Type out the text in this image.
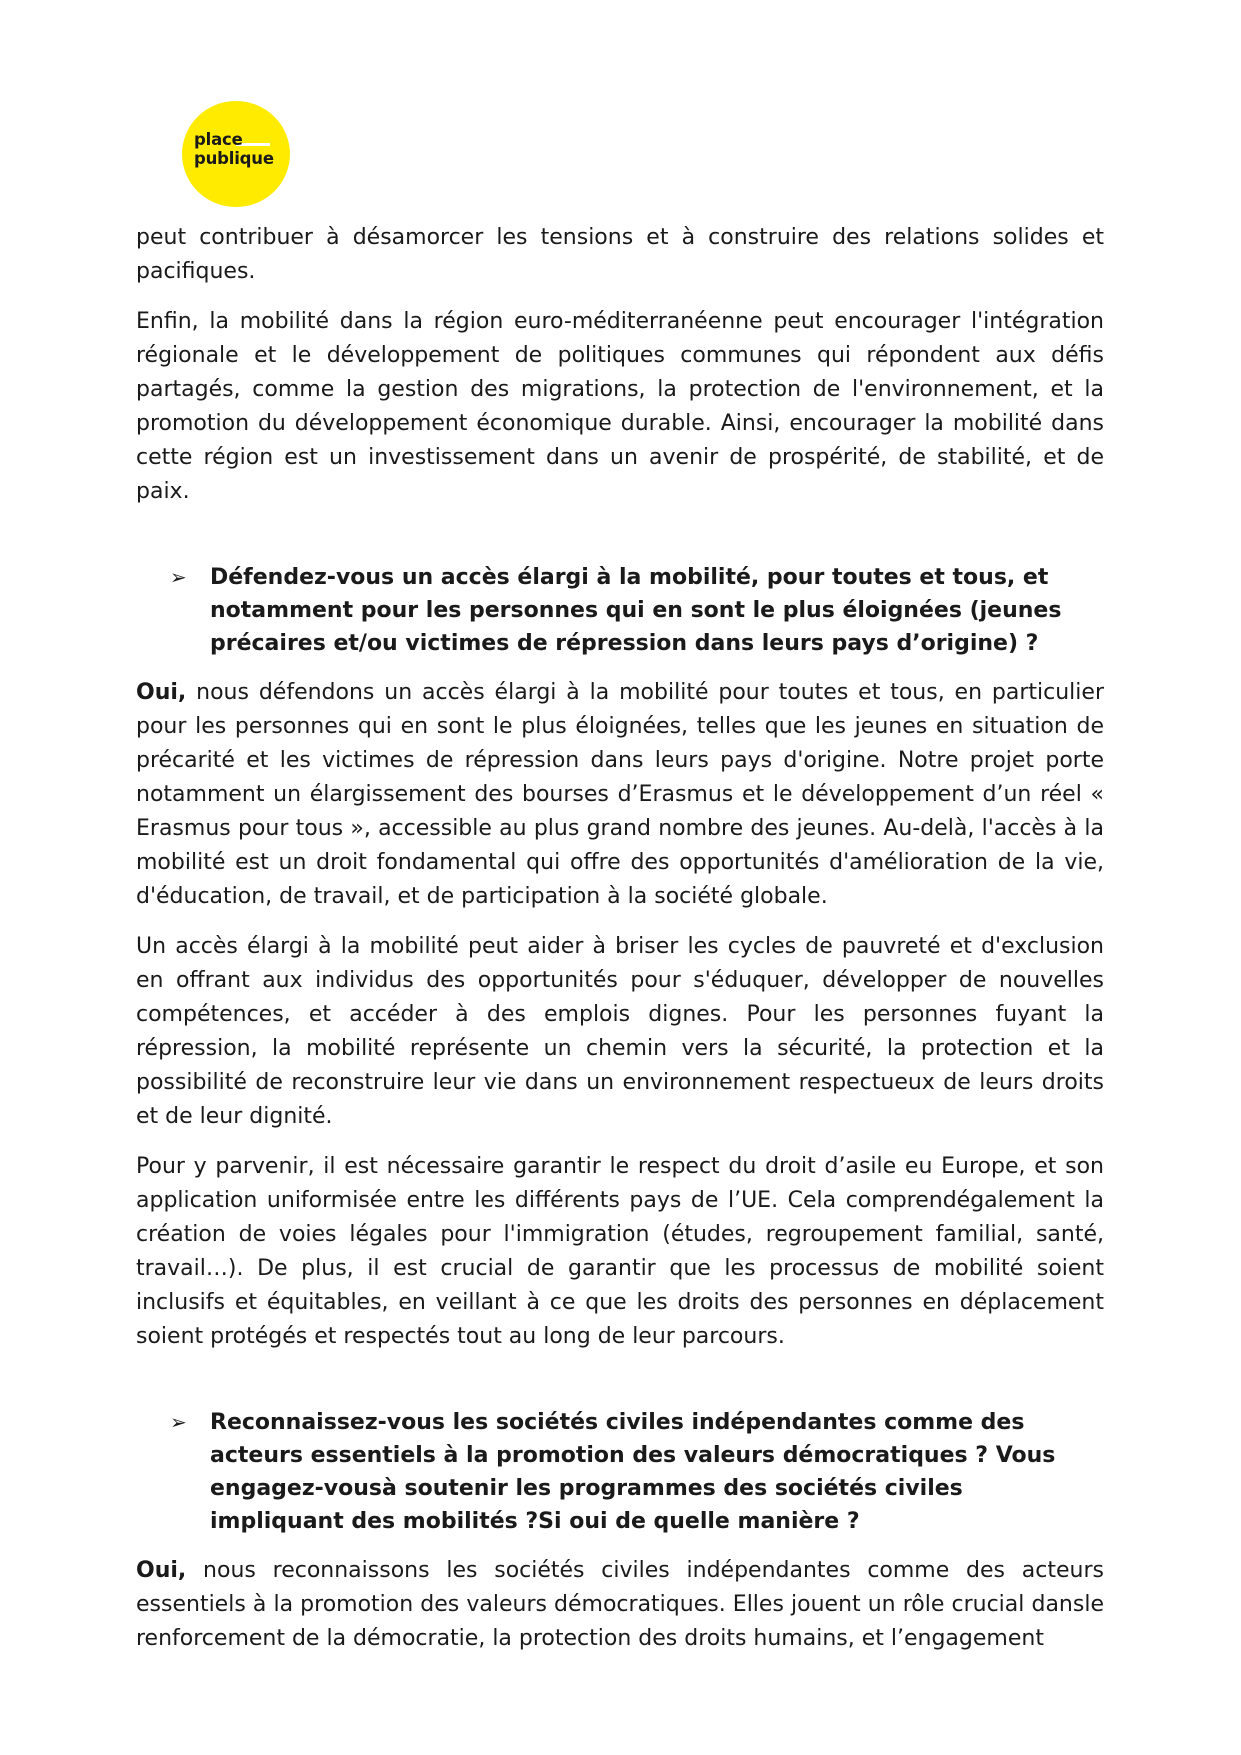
place
publique

peut contribuer à désamorcer les tensions et à construire des relations solides et pacifiques.

Enfin, la mobilité dans la région euro-méditerranéenne peut encourager l'intégration régionale et le développement de politiques communes qui répondent aux défis partagés, comme la gestion des migrations, la protection de l'environnement, et la promotion du développement économique durable. Ainsi, encourager la mobilité dans cette région est un investissement dans un avenir de prospérité, de stabilité, et de paix.

➢ Défendez-vous un accès élargi à la mobilité, pour toutes et tous, et notamment pour les personnes qui en sont le plus éloignées (jeunes précaires et/ou victimes de répression dans leurs pays d’origine) ?

Oui, nous défendons un accès élargi à la mobilité pour toutes et tous, en particulier pour les personnes qui en sont le plus éloignées, telles que les jeunes en situation de précarité et les victimes de répression dans leurs pays d'origine. Notre projet porte notamment un élargissement des bourses d’Erasmus et le développement d’un réel « Erasmus pour tous », accessible au plus grand nombre des jeunes. Au-delà, l'accès à la mobilité est un droit fondamental qui offre des opportunités d'amélioration de la vie, d'éducation, de travail, et de participation à la société globale.

Un accès élargi à la mobilité peut aider à briser les cycles de pauvreté et d'exclusion en offrant aux individus des opportunités pour s'éduquer, développer de nouvelles compétences, et accéder à des emplois dignes. Pour les personnes fuyant la répression, la mobilité représente un chemin vers la sécurité, la protection et la possibilité de reconstruire leur vie dans un environnement respectueux de leurs droits et de leur dignité.

Pour y parvenir, il est nécessaire garantir le respect du droit d’asile eu Europe, et son application uniformisée entre les différents pays de l’UE. Cela comprendégalement la création de voies légales pour l'immigration (études, regroupement familial, santé, travail…). De plus, il est crucial de garantir que les processus de mobilité soient inclusifs et équitables, en veillant à ce que les droits des personnes en déplacement soient protégés et respectés tout au long de leur parcours.

➢ Reconnaissez-vous les sociétés civiles indépendantes comme des acteurs essentiels à la promotion des valeurs démocratiques ? Vous engagez-vousà soutenir les programmes des sociétés civiles impliquant des mobilités ?Si oui de quelle manière ?

Oui, nous reconnaissons les sociétés civiles indépendantes comme des acteurs essentiels à la promotion des valeurs démocratiques. Elles jouent un rôle crucial dansle renforcement de la démocratie, la protection des droits humains, et l’engagement
